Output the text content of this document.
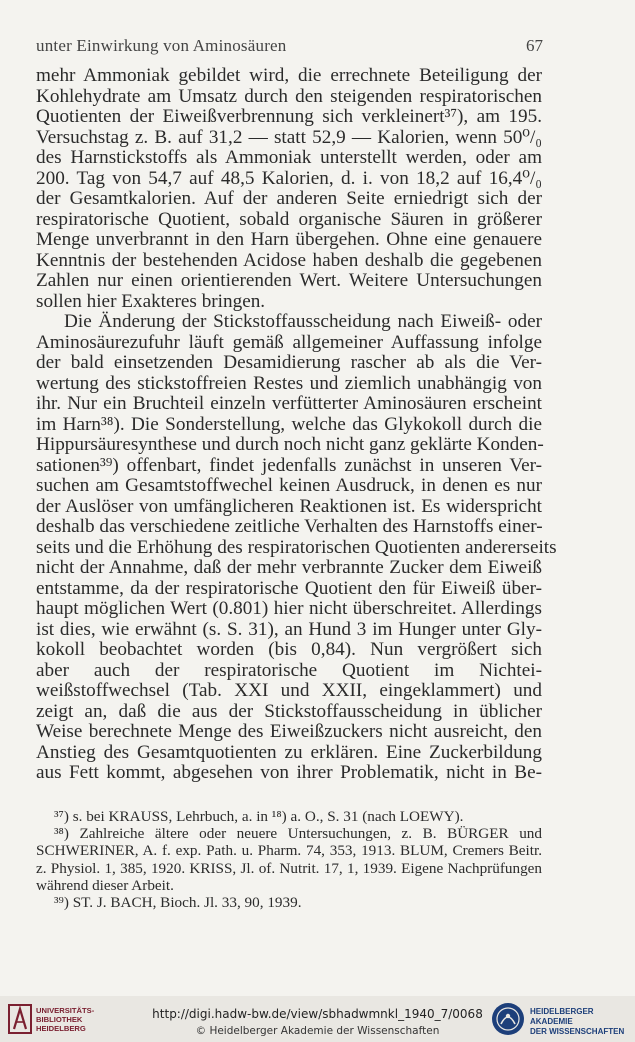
unter Einwirkung von Aminosäuren	67
mehr Ammoniak gebildet wird, die errechnete Beteiligung der
Kohlehydrate am Umsatz durch den steigenden respiratorischen
Quotienten der Eiweißverbrennung sich verkleinert³⁷), am 195.
Versuchstag z. B. auf 31,2 — statt 52,9 — Kalorien, wenn 50⁰/₀
des Harnstickstoffs als Ammoniak unterstellt werden, oder am
200. Tag von 54,7 auf 48,5 Kalorien, d. i. von 18,2 auf 16,4⁰/₀
der Gesamtkalorien. Auf der anderen Seite erniedrigt sich der
respiratorische Quotient, sobald organische Säuren in größerer
Menge unverbrannt in den Harn übergehen. Ohne eine genauere
Kenntnis der bestehenden Acidose haben deshalb die gegebenen
Zahlen nur einen orientierenden Wert. Weitere Untersuchungen
sollen hier Exakteres bringen.
Die Änderung der Stickstoffausscheidung nach Eiweiß- oder
Aminosäurezufuhr läuft gemäß allgemeiner Auffassung infolge
der bald einsetzenden Desamidierung rascher ab als die Ver-
wertung des stickstoffreien Restes und ziemlich unabhängig von
ihr. Nur ein Bruchteil einzeln verfütterter Aminosäuren erscheint
im Harn³⁸). Die Sonderstellung, welche das Glykokoll durch die
Hippursäuresynthese und durch noch nicht ganz geklärte Konden-
sationen³⁹) offenbart, findet jedenfalls zunächst in unseren Ver-
suchen am Gesamtstoffwechel keinen Ausdruck, in denen es nur
der Auslöser von umfänglicheren Reaktionen ist. Es widerspricht
deshalb das verschiedene zeitliche Verhalten des Harnstoffs einer-
seits und die Erhöhung des respiratorischen Quotienten andererseits
nicht der Annahme, daß der mehr verbrannte Zucker dem Eiweiß
entstamme, da der respiratorische Quotient den für Eiweiß über-
haupt möglichen Wert (0.801) hier nicht überschreitet. Allerdings
ist dies, wie erwähnt (s. S. 31), an Hund 3 im Hunger unter Gly-
kokoll beobachtet worden (bis 0,84). Nun vergrößert sich
aber auch der respiratorische Quotient im Nichtei-
weißstoffwechsel (Tab. XXI und XXII, eingeklammert) und
zeigt an, daß die aus der Stickstoffausscheidung in üblicher
Weise berechnete Menge des Eiweißzuckers nicht ausreicht, den
Anstieg des Gesamtquotienten zu erklären. Eine Zuckerbildung
aus Fett kommt, abgesehen von ihrer Problematik, nicht in Be-
³⁷) s. bei KRAUSS, Lehrbuch, a. in ¹⁸) a. O., S. 31 (nach LOEWY).
³⁸) Zahlreiche ältere oder neuere Untersuchungen, z. B. BÜRGER und
SCHWERINER, A. f. exp. Path. u. Pharm. 74, 353, 1913. BLUM, Cremers Beitr.
z. Physiol. 1, 385, 1920. KRISS, Jl. of. Nutrit. 17, 1, 1939. Eigene Nachprüfungen
während dieser Arbeit.
³⁹) ST. J. BACH, Bioch. Jl. 33, 90, 1939.
UNIVERSITÄTS-
BIBLIOTHEK
HEIDELBERG
http://digi.hadw-bw.de/view/sbhadwmnkl_1940_7/0068
© Heidelberger Akademie der Wissenschaften
HEIDELBERGER AKADEMIE
DER WISSENSCHAFTEN
